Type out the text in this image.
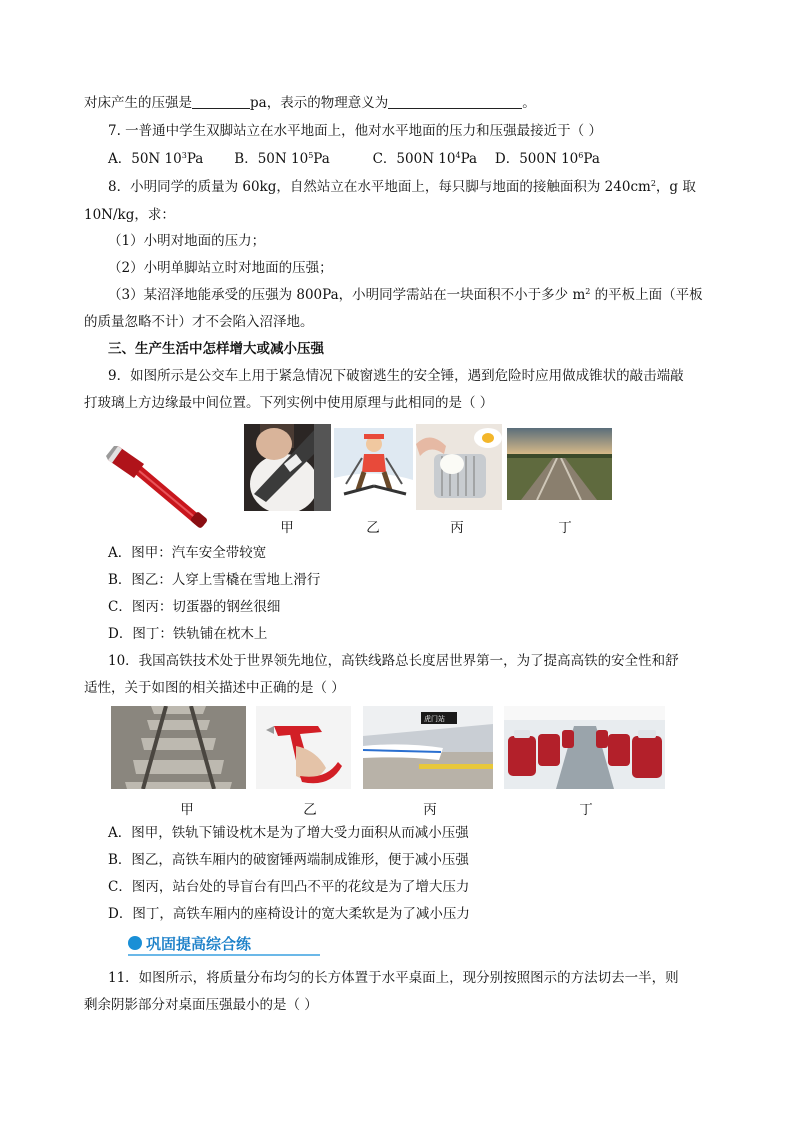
对床产生的压强是	pa，表示的物理意义为	。
7. 一普通中学生双脚站立在水平地面上，他对水平地面的压力和压强最接近于（ ）
A．50N $10^3Pa$ B．50N $10^5Pa$	C．500N $10^4Pa$ D．500N $10^6Pa$
8．小明同学的质量为 60kg，自然站立在水平地面上，每只脚与地面的接触面积为 $240cm^2$，g 取
10N/kg，求：
（1）小明对地面的压力；
（2）小明单脚站立时对地面的压强；
（3）某沼泽地能承受的压强为 800Pa，小明同学需站在一块面积不小于多少 $m^2$ 的平板上面（平板
的质量忽略不计）才不会陷入沼泽地。
三、生产生活中怎样增大或减小压强
9．如图所示是公交车上用于紧急情况下破窗逃生的安全锤，遇到危险时应用做成锥状的敲击端敲
打玻璃上方边缘最中间位置。下列实例中使用原理与此相同的是（ ）
甲	乙	丙	丁
A．图甲：汽车安全带较宽
B．图乙：人穿上雪橇在雪地上滑行
C．图丙：切蛋器的钢丝很细
D．图丁：铁轨铺在枕木上
10．我国高铁技术处于世界领先地位，高铁线路总长度居世界第一，为了提高高铁的安全性和舒
适性，关于如图的相关描述中正确的是（ ）
虎门站
甲	乙	丙	丁
A．图甲，铁轨下铺设枕木是为了增大受力面积从而减小压强
B．图乙，高铁车厢内的破窗锤两端制成锥形，便于减小压强
C．图丙，站台处的导盲台有凹凸不平的花纹是为了增大压力
D．图丁，高铁车厢内的座椅设计的宽大柔软是为了减小压力
巩固提高综合练
11．如图所示，将质量分布均匀的长方体置于水平桌面上，现分别按照图示的方法切去一半，则
剩余阴影部分对桌面压强最小的是（ ）
